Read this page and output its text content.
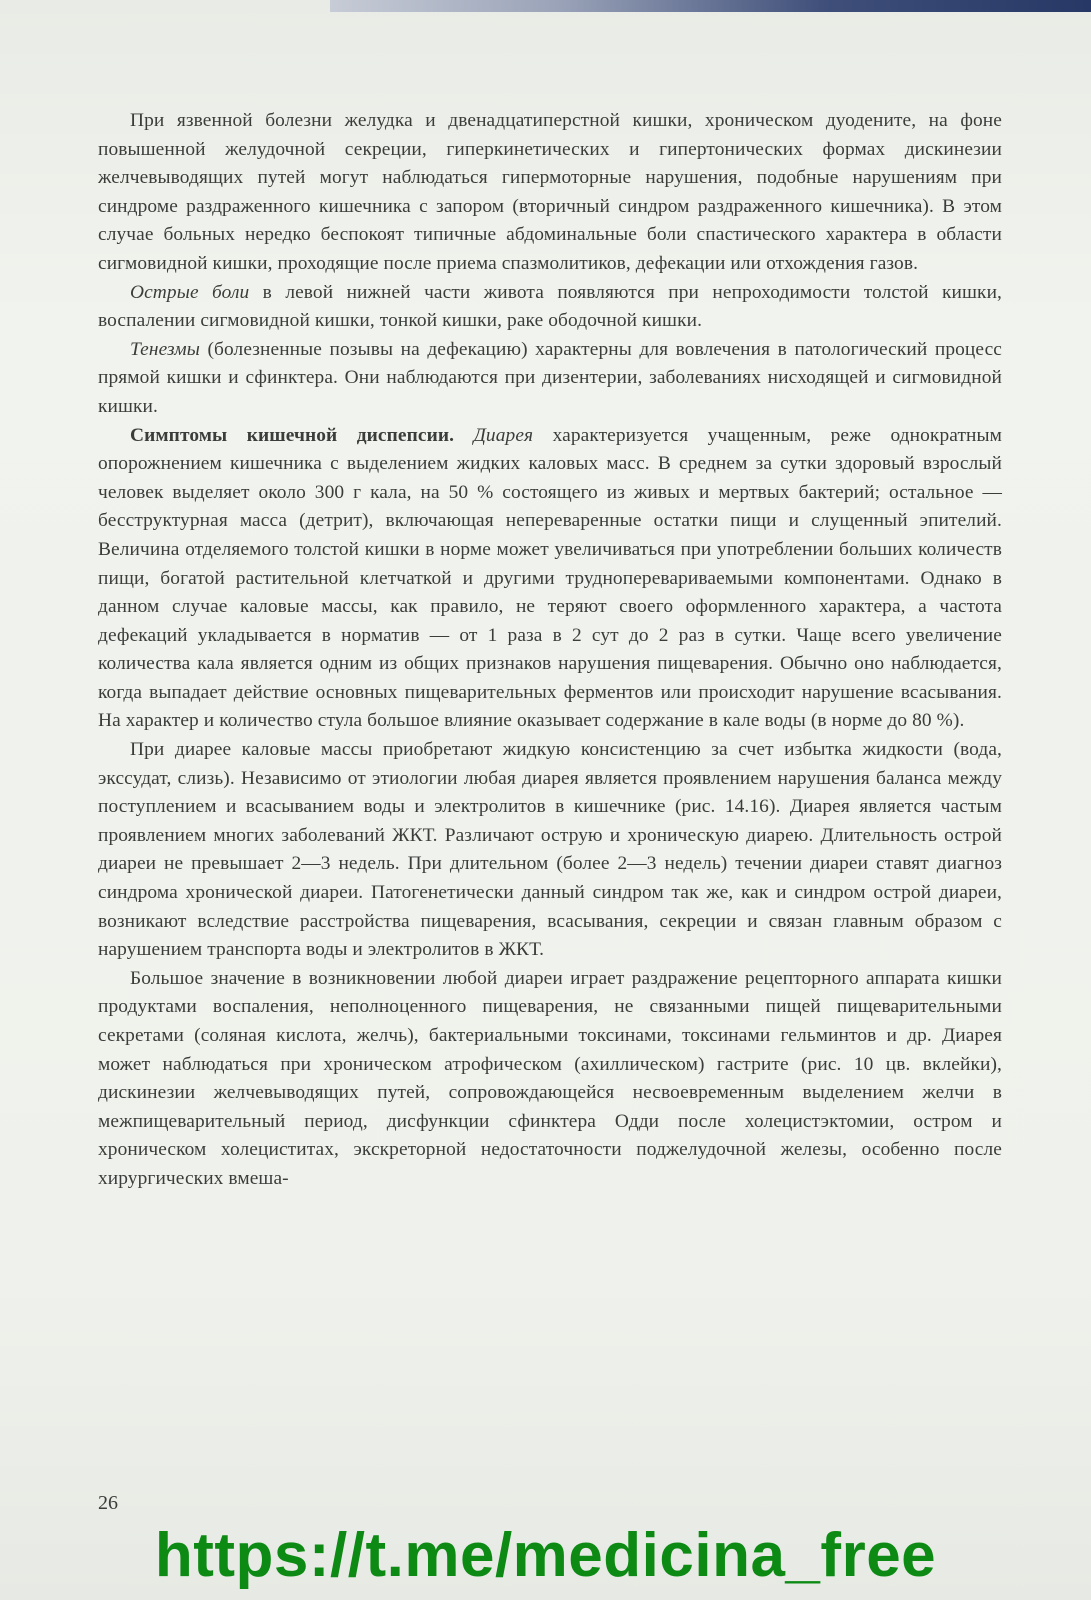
При язвенной болезни желудка и двенадцатиперстной кишки, хроническом дуодените, на фоне повышенной желудочной секреции, гиперкинетических и гипертонических формах дискинезии желчевыводящих путей могут наблюдаться гипермоторные нарушения, подобные нарушениям при синдроме раздраженного кишечника с запором (вторичный синдром раздраженного кишечника). В этом случае больных нередко беспокоят типичные абдоминальные боли спастического характера в области сигмовидной кишки, проходящие после приема спазмолитиков, дефекации или отхождения газов.

Острые боли в левой нижней части живота появляются при непроходимости толстой кишки, воспалении сигмовидной кишки, тонкой кишки, раке ободочной кишки.

Тенезмы (болезненные позывы на дефекацию) характерны для вовлечения в патологический процесс прямой кишки и сфинктера. Они наблюдаются при дизентерии, заболеваниях нисходящей и сигмовидной кишки.

Симптомы кишечной диспепсии. Диарея характеризуется учащенным, реже однократным опорожнением кишечника с выделением жидких каловых масс. В среднем за сутки здоровый взрослый человек выделяет около 300 г кала, на 50 % состоящего из живых и мертвых бактерий; остальное — бесструктурная масса (детрит), включающая непереваренные остатки пищи и слущенный эпителий. Величина отделяемого толстой кишки в норме может увеличиваться при употреблении больших количеств пищи, богатой растительной клетчаткой и другими трудноперевариваемыми компонентами. Однако в данном случае каловые массы, как правило, не теряют своего оформленного характера, а частота дефекаций укладывается в норматив — от 1 раза в 2 сут до 2 раз в сутки. Чаще всего увеличение количества кала является одним из общих признаков нарушения пищеварения. Обычно оно наблюдается, когда выпадает действие основных пищеварительных ферментов или происходит нарушение всасывания. На характер и количество стула большое влияние оказывает содержание в кале воды (в норме до 80 %).

При диарее каловые массы приобретают жидкую консистенцию за счет избытка жидкости (вода, экссудат, слизь). Независимо от этиологии любая диарея является проявлением нарушения баланса между поступлением и всасыванием воды и электролитов в кишечнике (рис. 14.16). Диарея является частым проявлением многих заболеваний ЖКТ. Различают острую и хроническую диарею. Длительность острой диареи не превышает 2—3 недель. При длительном (более 2—3 недель) течении диареи ставят диагноз синдрома хронической диареи. Патогенетически данный синдром так же, как и синдром острой диареи, возникают вследствие расстройства пищеварения, всасывания, секреции и связан главным образом с нарушением транспорта воды и электролитов в ЖКТ.

Большое значение в возникновении любой диареи играет раздражение рецепторного аппарата кишки продуктами воспаления, неполноценного пищеварения, не связанными пищей пищеварительными секретами (соляная кислота, желчь), бактериальными токсинами, токсинами гельминтов и др. Диарея может наблюдаться при хроническом атрофическом (ахиллическом) гастрите (рис. 10 цв. вклейки), дискинезии желчевыводящих путей, сопровождающейся несвоевременным выделением желчи в межпищеварительный период, дисфункции сфинктера Одди после холецистэктомии, остром и хроническом холециститах, экскреторной недостаточности поджелудочной железы, особенно после хирургических вмеша-

26
https://t.me/medicina_free
